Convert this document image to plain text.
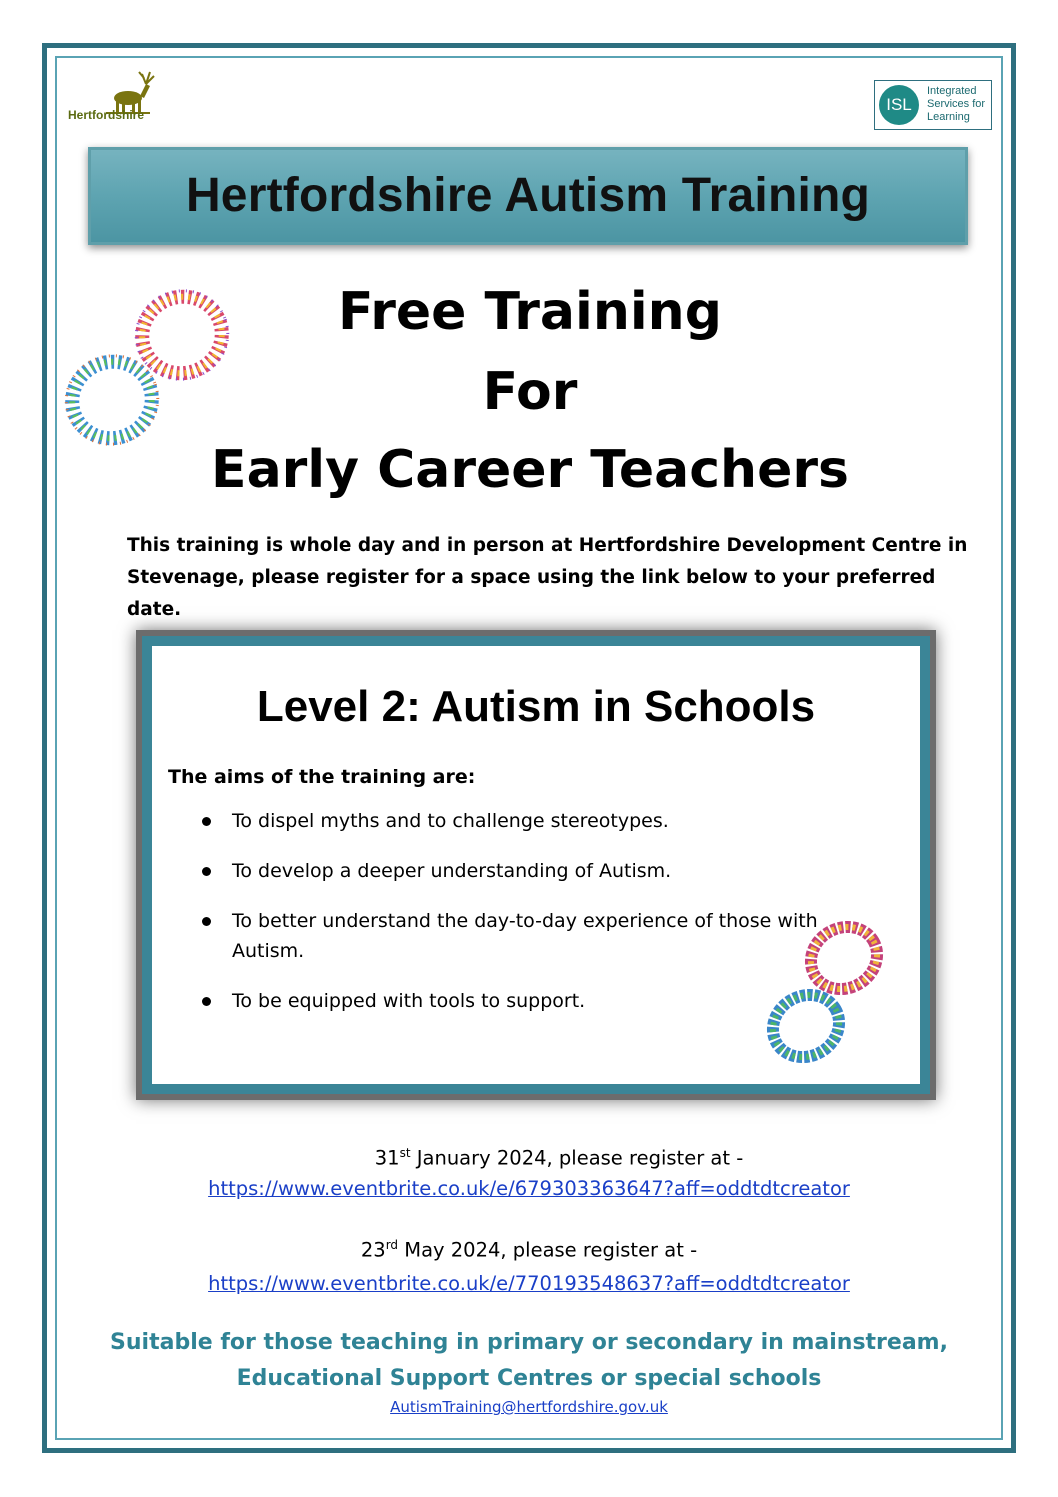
Hertfordshire
ISL
Integrated
Services for
Learning
Hertfordshire Autism Training
Free Training
For
Early Career Teachers
This training is whole day and in person at Hertfordshire Development Centre in Stevenage, please register for a space using the link below to your preferred date.
Level 2: Autism in Schools
The aims of the training are:
To dispel myths and to challenge stereotypes.
To develop a deeper understanding of Autism.
To better understand the day-to-day experience of those with Autism.
To be equipped with tools to support.
31st January 2024, please register at -
https://www.eventbrite.co.uk/e/679303363647?aff=oddtdtcreator
23rd May 2024, please register at -
https://www.eventbrite.co.uk/e/770193548637?aff=oddtdtcreator
Suitable for those teaching in primary or secondary in mainstream,
Educational Support Centres or special schools
AutismTraining@hertfordshire.gov.uk
